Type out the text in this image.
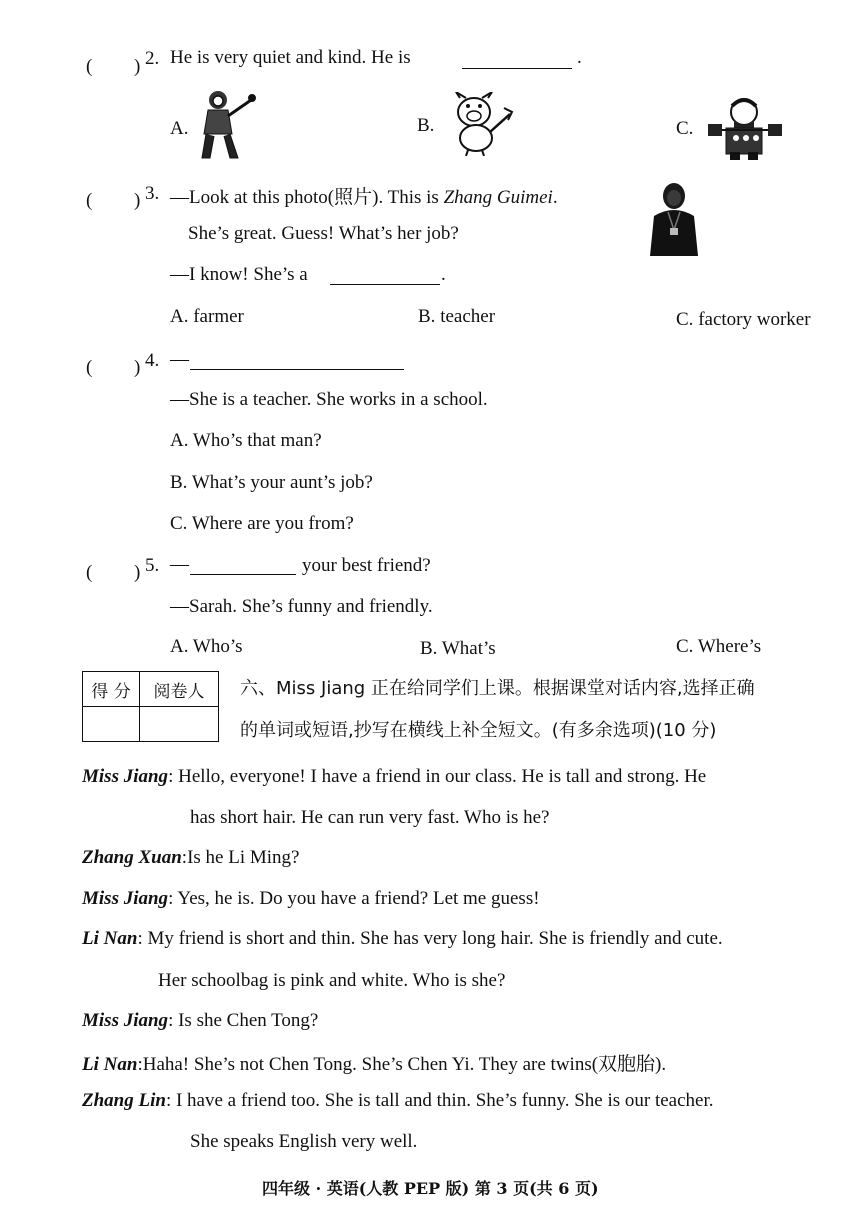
( ) 2. He is very quiet and kind. He is	.
A.	B.	C.
( ) 3. —Look at this photo(照片). This is Zhang Guimei.
She’s great. Guess! What’s her job?
—I know! She’s a	.
A. farmer	B. teacher	C. factory worker
( ) 4. —
—She is a teacher. She works in a school.
A. Who’s that man?
B. What’s your aunt’s job?
C. Where are you from?
( ) 5. —	your best friend?
—Sarah. She’s funny and friendly.
A. Who’s	B. What’s	C. Where’s
得 分	阅卷人
	六、Miss Jiang 正在给同学们上课。根据课堂对话内容,选择正确
的单词或短语,抄写在横线上补全短文。(有多余选项)(10 分)
Miss Jiang: Hello, everyone! I have a friend in our class. He is tall and strong. He
has short hair. He can run very fast. Who is he?
Zhang Xuan:Is he Li Ming?
Miss Jiang: Yes, he is. Do you have a friend? Let me guess!
Li Nan: My friend is short and thin. She has very long hair. She is friendly and cute.
Her schoolbag is pink and white. Who is she?
Miss Jiang: Is she Chen Tong?
Li Nan:Haha! She’s not Chen Tong. She’s Chen Yi. They are twins(双胞胎).
Zhang Lin: I have a friend too. She is tall and thin. She’s funny. She is our teacher.
She speaks English very well.
四年级 · 英语(人教 PEP 版) 第 3 页(共 6 页)
